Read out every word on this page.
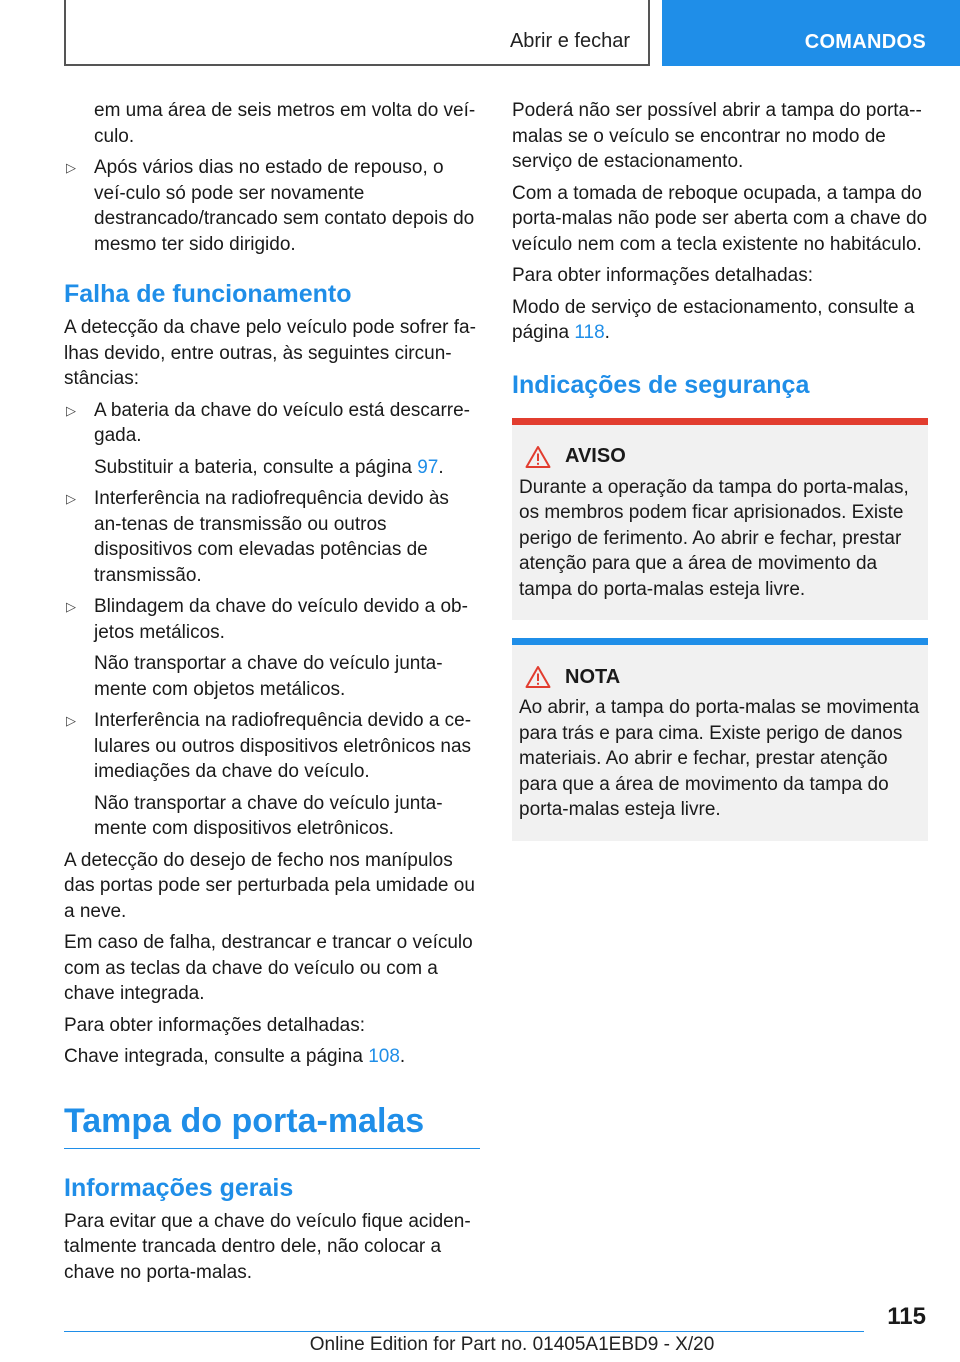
Abrir e fechar	COMANDOS
em uma área de seis metros em volta do veí-culo.
▷ Após vários dias no estado de repouso, o veí-culo só pode ser novamente destrancado/trancado sem contato depois do mesmo ter sido dirigido.
Falha de funcionamento

A detecção da chave pelo veículo pode sofrer fa-lhas devido, entre outras, às seguintes circun-stâncias:

▷ A bateria da chave do veículo está descarre-gada.
Substituir a bateria, consulte a página 97.
▷ Interferência na radiofrequência devido às an-tenas de transmissão ou outros dispositivos com elevadas potências de transmissão.
▷ Blindagem da chave do veículo devido a ob-jetos metálicos.
Não transportar a chave do veículo junta-mente com objetos metálicos.
▷ Interferência na radiofrequência devido a ce-lulares ou outros dispositivos eletrônicos nas imediações da chave do veículo.
Não transportar a chave do veículo junta-mente com dispositivos eletrônicos.

A detecção do desejo de fecho nos manípulos das portas pode ser perturbada pela umidade ou a neve.

Em caso de falha, destrancar e trancar o veículo com as teclas da chave do veículo ou com a chave integrada.

Para obter informações detalhadas:

Chave integrada, consulte a página 108.

Tampa do porta-malas
Informações gerais

Para evitar que a chave do veículo fique aciden-talmente trancada dentro dele, não colocar a chave no porta-malas.

Poderá não ser possível abrir a tampa do porta--malas se o veículo se encontrar no modo de serviço de estacionamento.

Com a tomada de reboque ocupada, a tampa do porta-malas não pode ser aberta com a chave do veículo nem com a tecla existente no habitáculo.

Para obter informações detalhadas:

Modo de serviço de estacionamento, consulte a página 118.

Indicações de segurança
AVISO

Durante a operação da tampa do porta-malas, os membros podem ficar aprisionados. Existe perigo de ferimento. Ao abrir e fechar, prestar atenção para que a área de movimento da tampa do porta-malas esteja livre.

NOTA

Ao abrir, a tampa do porta-malas se movimenta para trás e para cima. Existe perigo de danos materiais. Ao abrir e fechar, prestar atenção para que a área de movimento da tampa do porta-malas esteja livre.

115
Online Edition for Part no. 01405A1EBD9 - X/20
